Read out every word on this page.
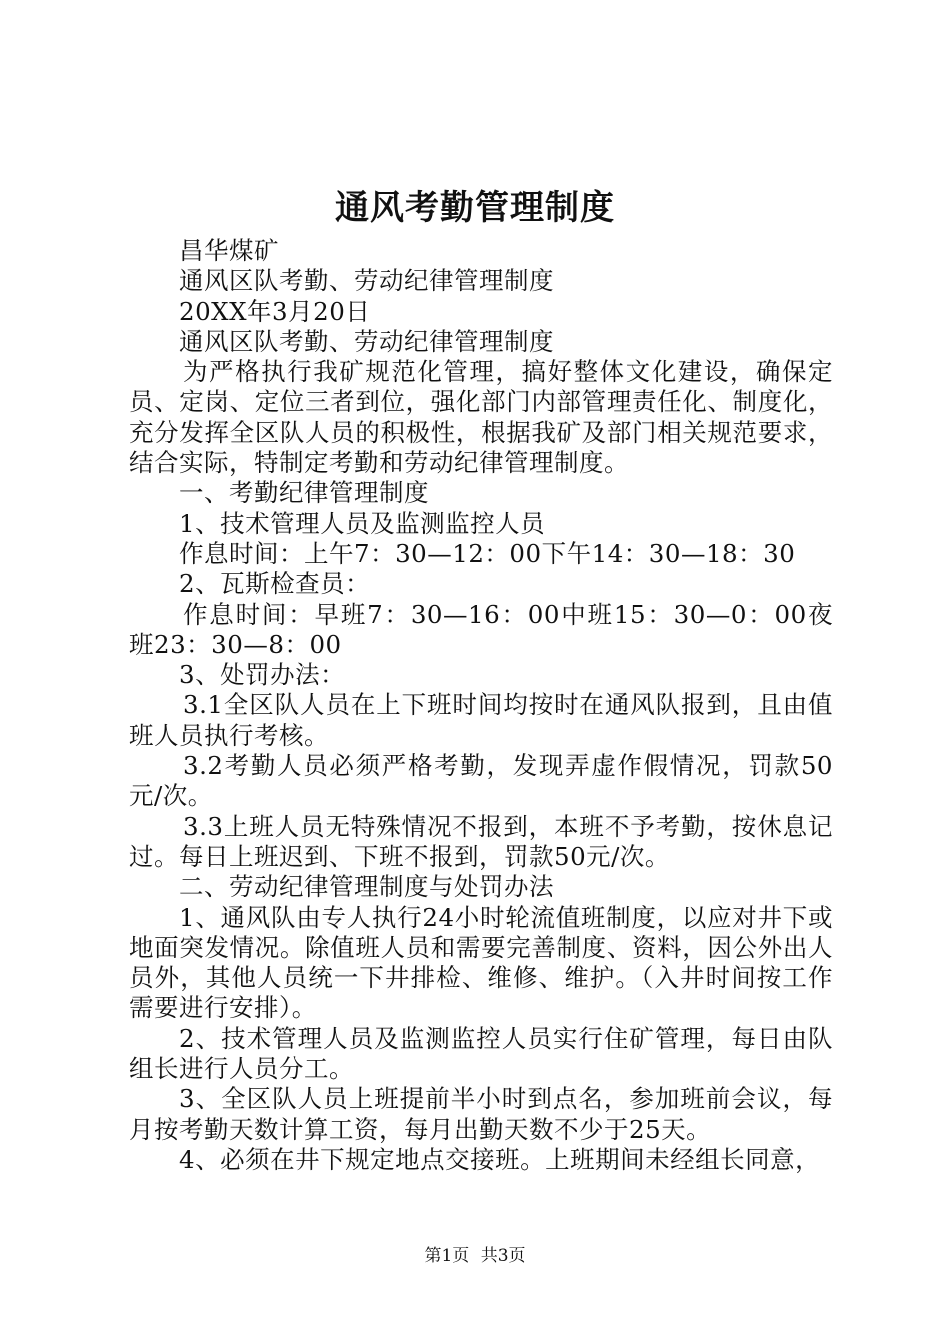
通风考勤管理制度

昌华煤矿

通风区队考勤、劳动纪律管理制度

20XX年3月20日

通风区队考勤、劳动纪律管理制度

为严格执行我矿规范化管理，搞好整体文化建设，确保定员、定岗、定位三者到位，强化部门内部管理责任化、制度化，充分发挥全区队人员的积极性，根据我矿及部门相关规范要求，结合实际，特制定考勤和劳动纪律管理制度。

一、考勤纪律管理制度

1、技术管理人员及监测监控人员

作息时间：上午7：30—12：00下午14：30—18：30

2、瓦斯检查员：

作息时间：早班7：30—16：00中班15：30—0：00夜班23：30—8：00

3、处罚办法：

3.1全区队人员在上下班时间均按时在通风队报到，且由值班人员执行考核。

3.2考勤人员必须严格考勤，发现弄虚作假情况，罚款50元/次。

3.3上班人员无特殊情况不报到，本班不予考勤，按休息记过。每日上班迟到、下班不报到，罚款50元/次。

二、劳动纪律管理制度与处罚办法

1、通风队由专人执行24小时轮流值班制度，以应对井下或地面突发情况。除值班人员和需要完善制度、资料，因公外出人员外，其他人员统一下井排检、维修、维护。（入井时间按工作需要进行安排）。

2、技术管理人员及监测监控人员实行住矿管理，每日由队组长进行人员分工。

3、全区队人员上班提前半小时到点名，参加班前会议，每月按考勤天数计算工资，每月出勤天数不少于25天。

4、必须在井下规定地点交接班。上班期间未经组长同意，

第1页 共3页
